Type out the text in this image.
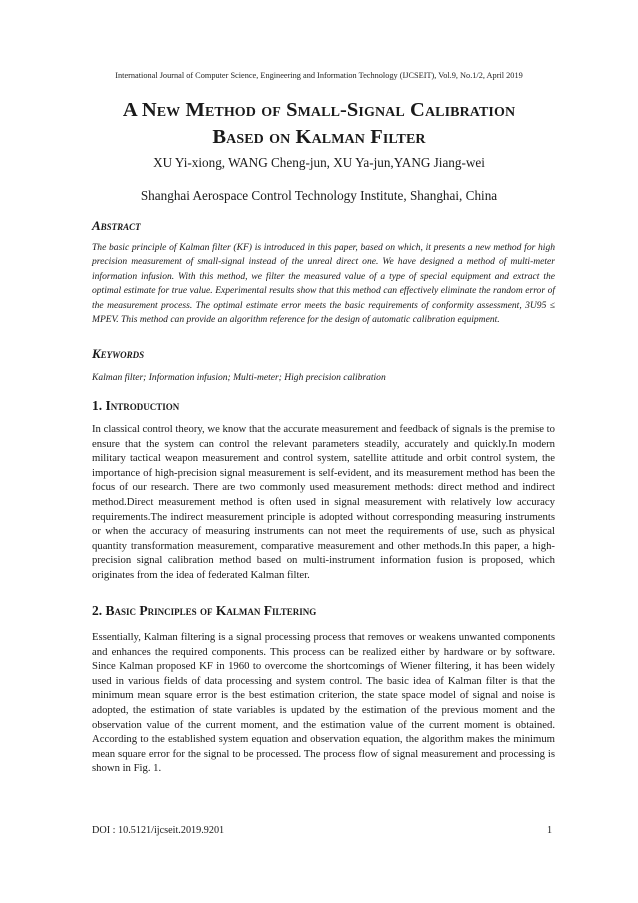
International Journal of Computer Science, Engineering and Information Technology (IJCSEIT), Vol.9, No.1/2, April 2019
A New Method of Small-Signal Calibration
Based on Kalman Filter
XU Yi-xiong, WANG Cheng-jun, XU Ya-jun,YANG Jiang-wei
Shanghai Aerospace Control Technology Institute, Shanghai, China
Abstract
The basic principle of Kalman filter (KF) is introduced in this paper, based on which, it presents a new method for high precision measurement of small-signal instead of the unreal direct one. We have designed a method of multi-meter information infusion. With this method, we filter the measured value of a type of special equipment and extract the optimal estimate for true value. Experimental results show that this method can effectively eliminate the random error of the measurement process. The optimal estimate error meets the basic requirements of conformity assessment, 3U95 ≤ MPEV. This method can provide an algorithm reference for the design of automatic calibration equipment.
Keywords
Kalman filter; Information infusion; Multi-meter; High precision calibration
1. Introduction

In classical control theory, we know that the accurate measurement and feedback of signals is the premise to ensure that the system can control the relevant parameters steadily, accurately and quickly.In modern military tactical weapon measurement and control system, satellite attitude and orbit control system, the importance of high-precision signal measurement is self-evident, and its measurement method has been the focus of our research. There are two commonly used measurement methods: direct method and indirect method.Direct measurement method is often used in signal measurement with relatively low accuracy requirements.The indirect measurement principle is adopted without corresponding measuring instruments or when the accuracy of measuring instruments can not meet the requirements of use, such as physical quantity transformation measurement, comparative measurement and other methods.In this paper, a high-precision signal calibration method based on multi-instrument information fusion is proposed, which originates from the idea of federated Kalman filter.

2. Basic Principles of Kalman Filtering

Essentially, Kalman filtering is a signal processing process that removes or weakens unwanted components and enhances the required components. This process can be realized either by hardware or by software. Since Kalman proposed KF in 1960 to overcome the shortcomings of Wiener filtering, it has been widely used in various fields of data processing and system control. The basic idea of Kalman filter is that the minimum mean square error is the best estimation criterion, the state space model of signal and noise is adopted, the estimation of state variables is updated by the estimation of the previous moment and the observation value of the current moment, and the estimation value of the current moment is obtained. According to the established system equation and observation equation, the algorithm makes the minimum mean square error for the signal to be processed. The process flow of signal measurement and processing is shown in Fig. 1.

DOI : 10.5121/ijcseit.2019.9201	1
